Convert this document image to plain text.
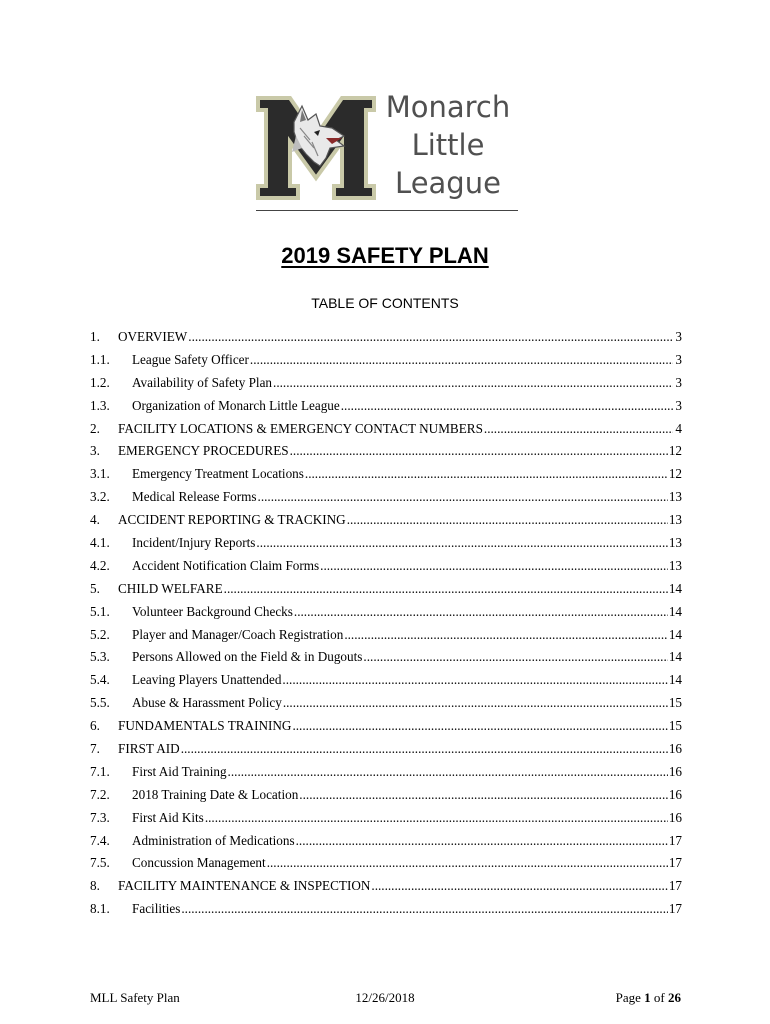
Monarch
Little
League
2019 SAFETY PLAN
TABLE OF CONTENTS
1.	OVERVIEW .....	3
1.1.	League Safety Officer .....	3
1.2.	Availability of Safety Plan .....	3
1.3.	Organization of Monarch Little League .....	3
2.	FACILITY LOCATIONS & EMERGENCY CONTACT NUMBERS .....	4
3.	EMERGENCY PROCEDURES .....	12
3.1.	Emergency Treatment Locations .....	12
3.2.	Medical Release Forms .....	13
4.	ACCIDENT REPORTING & TRACKING .....	13
4.1.	Incident/Injury Reports .....	13
4.2.	Accident Notification Claim Forms .....	13
5.	CHILD WELFARE .....	14
5.1.	Volunteer Background Checks .....	14
5.2.	Player and Manager/Coach Registration .....	14
5.3.	Persons Allowed on the Field & in Dugouts .....	14
5.4.	Leaving Players Unattended .....	14
5.5.	Abuse & Harassment Policy .....	15
6.	FUNDAMENTALS TRAINING .....	15
7.	FIRST AID .....	16
7.1.	First Aid Training .....	16
7.2.	2018 Training Date & Location .....	16
7.3.	First Aid Kits .....	16
7.4.	Administration of Medications .....	17
7.5.	Concussion Management .....	17
8.	FACILITY MAINTENANCE & INSPECTION .....	17
8.1.	Facilities .....	17
MLL Safety Plan	12/26/2018	Page 1 of 26
